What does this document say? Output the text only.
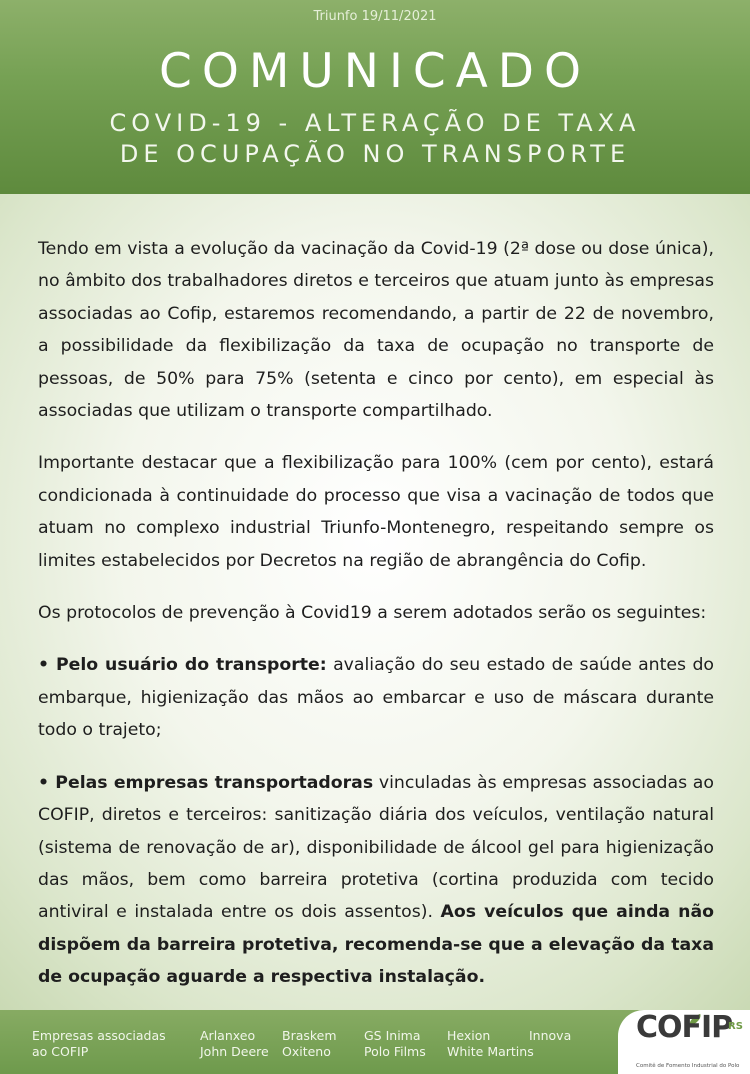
Triunfo 19/11/2021
COMUNICADO
COVID-19 - ALTERAÇÃO DE TAXA
DE OCUPAÇÃO NO TRANSPORTE

Tendo em vista a evolução da vacinação da Covid-19 (2ª dose ou dose única), no âmbito dos trabalhadores diretos e terceiros que atuam junto às empresas associadas ao Cofip, estaremos recomendando, a partir de 22 de novembro, a possibilidade da flexibilização da taxa de ocupação no transporte de pessoas, de 50% para 75% (setenta e cinco por cento), em especial às associadas que utilizam o transporte compartilhado.

Importante destacar que a flexibilização para 100% (cem por cento), estará condicionada à continuidade do processo que visa a vacinação de todos que atuam no complexo industrial Triunfo-Montenegro, respeitando sempre os limites estabelecidos por Decretos na região de abrangência do Cofip.

Os protocolos de prevenção à Covid19 a serem adotados serão os seguintes:

• Pelo usuário do transporte: avaliação do seu estado de saúde antes do embarque, higienização das mãos ao embarcar e uso de máscara durante todo o trajeto;

• Pelas empresas transportadoras vinculadas às empresas associadas ao COFIP, diretos e terceiros: sanitização diária dos veículos, ventilação natural (sistema de renovação de ar), disponibilidade de álcool gel para higienização das mãos, bem como barreira protetiva (cortina produzida com tecido antiviral e instalada entre os dois assentos). Aos veículos que ainda não dispõem da barreira protetiva, recomenda-se que a elevação da taxa de ocupação aguarde a respectiva instalação.

Empresas associadas
ao COFIP
Arlanxeo Braskem GS Inima Hexion	Innova
John Deere Oxiteno	Polo Films White Martins
COFIP
RS
Comitê de Fomento Industrial do Polo
